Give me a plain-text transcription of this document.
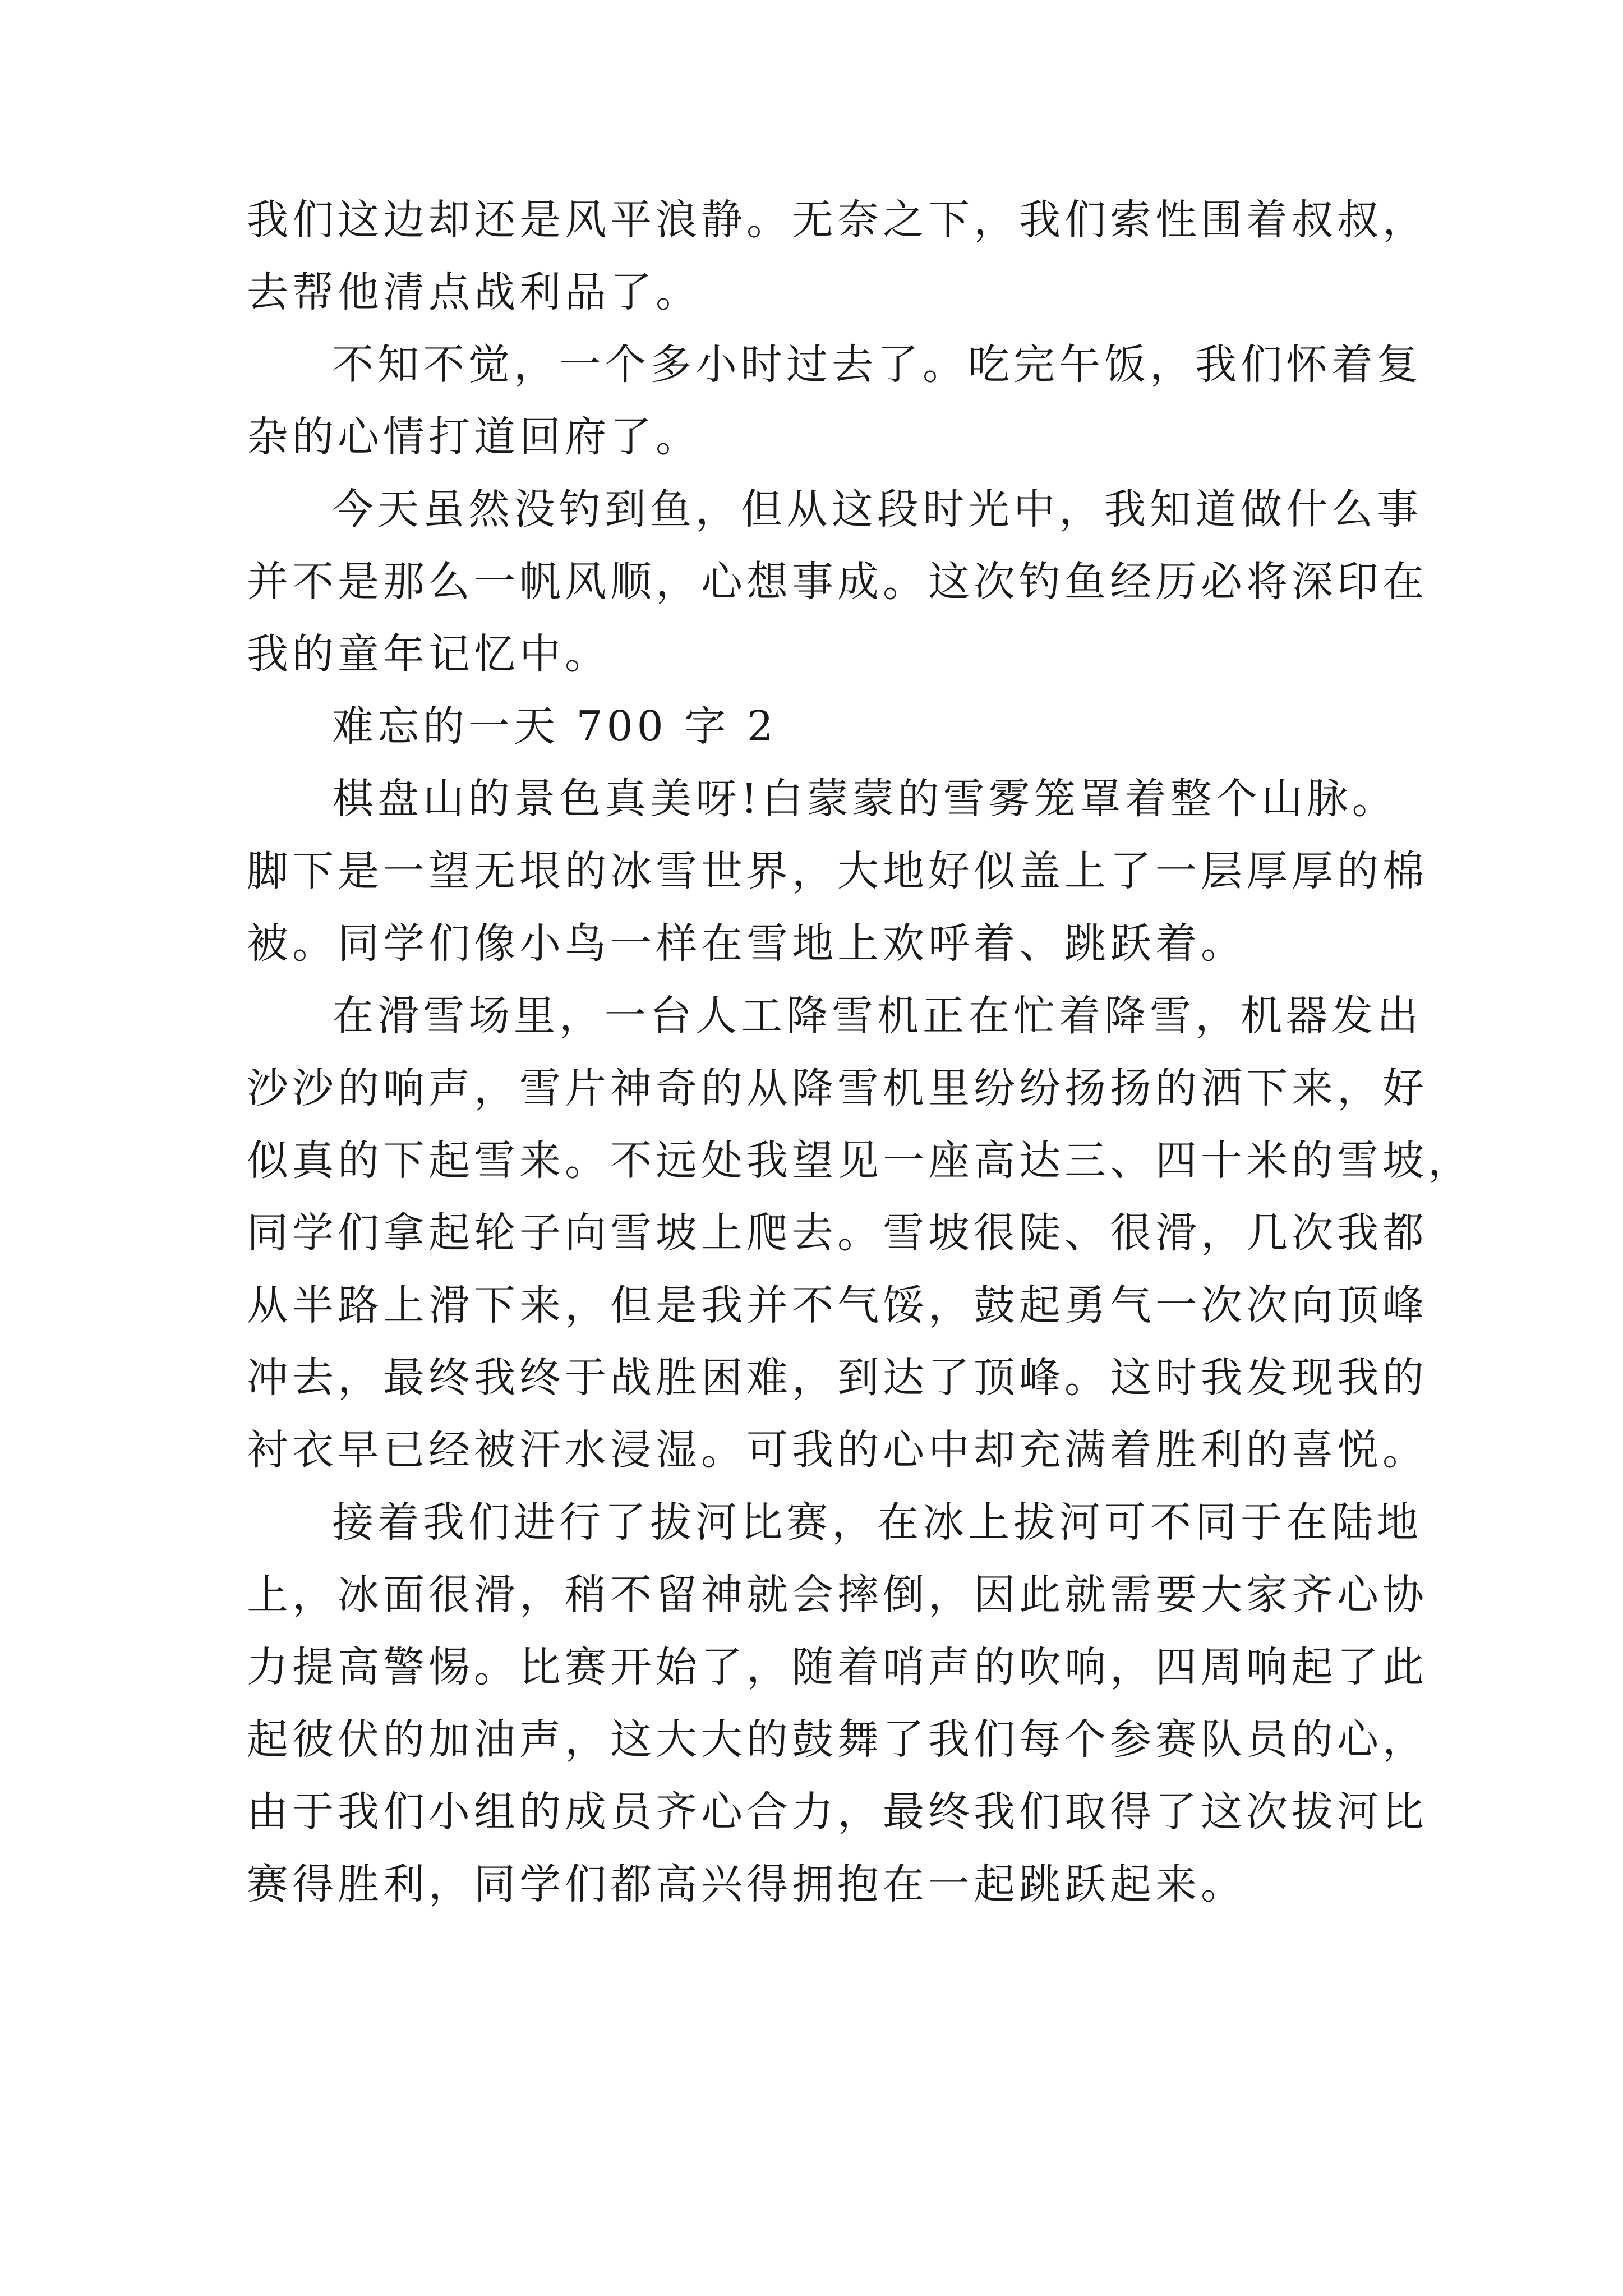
我们这边却还是风平浪静。无奈之下，我们索性围着叔叔，
去帮他清点战利品了。
不知不觉，一个多小时过去了。吃完午饭，我们怀着复
杂的心情打道回府了。
今天虽然没钓到鱼，但从这段时光中，我知道做什么事
并不是那么一帆风顺，心想事成。这次钓鱼经历必将深印在
我的童年记忆中。
难忘的一天 700 字 2
棋盘山的景色真美呀!白蒙蒙的雪雾笼罩着整个山脉。
脚下是一望无垠的冰雪世界，大地好似盖上了一层厚厚的棉
被。同学们像小鸟一样在雪地上欢呼着、跳跃着。
在滑雪场里，一台人工降雪机正在忙着降雪，机器发出
沙沙的响声，雪片神奇的从降雪机里纷纷扬扬的洒下来，好
似真的下起雪来。不远处我望见一座高达三、四十米的雪坡，
同学们拿起轮子向雪坡上爬去。雪坡很陡、很滑，几次我都
从半路上滑下来，但是我并不气馁，鼓起勇气一次次向顶峰
冲去，最终我终于战胜困难，到达了顶峰。这时我发现我的
衬衣早已经被汗水浸湿。可我的心中却充满着胜利的喜悦。
接着我们进行了拔河比赛，在冰上拔河可不同于在陆地
上，冰面很滑，稍不留神就会摔倒，因此就需要大家齐心协
力提高警惕。比赛开始了，随着哨声的吹响，四周响起了此
起彼伏的加油声，这大大的鼓舞了我们每个参赛队员的心，
由于我们小组的成员齐心合力，最终我们取得了这次拔河比
赛得胜利，同学们都高兴得拥抱在一起跳跃起来。
